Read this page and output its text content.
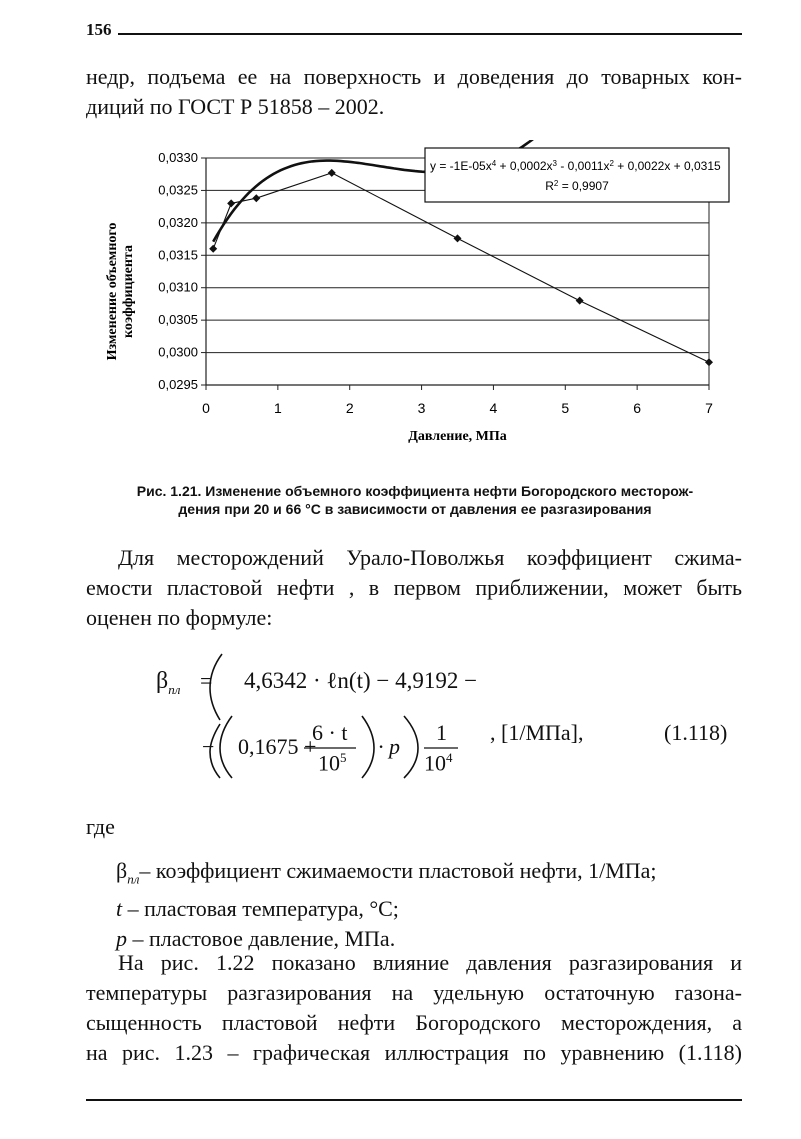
156
недр, подъема ее на поверхность и доведения до товарных кон-
диций по ГОСТ Р 51858 – 2002.
0,0295
0,0300
0,0305
0,0310
0,0315
0,0320
0,0325
0,0330
0	1	2	3	4	5	6	7
Давление, МПа
Изменение объемного коэффициента
$y = -1E-05x^4 + 0,0002x^3 - 0,0011x^2 + 0,0022x + 0,0315$
$R^2 = 0,9907$
Рис. 1.21. Изменение объемного коэффициента нефти Богородского месторож-
дения при 20 и 66 °С в зависимости от давления ее разгазирования
Для месторождений Урало-Поволжья коэффициент сжима-
емости пластовой нефти , в первом приближении, может быть
оценен по формуле:
$\beta_{пл} = 4,6342$ · ℓn(t) − 4,9192 −
− 0,1675 +
6 · t
$10^5 \cdot p$
1
$10^4$
, [1/МПа],	(1.118)
где
$\beta_{пл}-$ коэффициент сжимаемости пластовой нефти, 1/МПа;
t – пластовая температура, °С;
p – пластовое давление, МПа.
На рис. 1.22 показано влияние давления разгазирования и
температуры разгазирования на удельную остаточную газона-
сыщенность пластовой нефти Богородского месторождения, а
на рис. 1.23 – графическая иллюстрация по уравнению (1.118)
